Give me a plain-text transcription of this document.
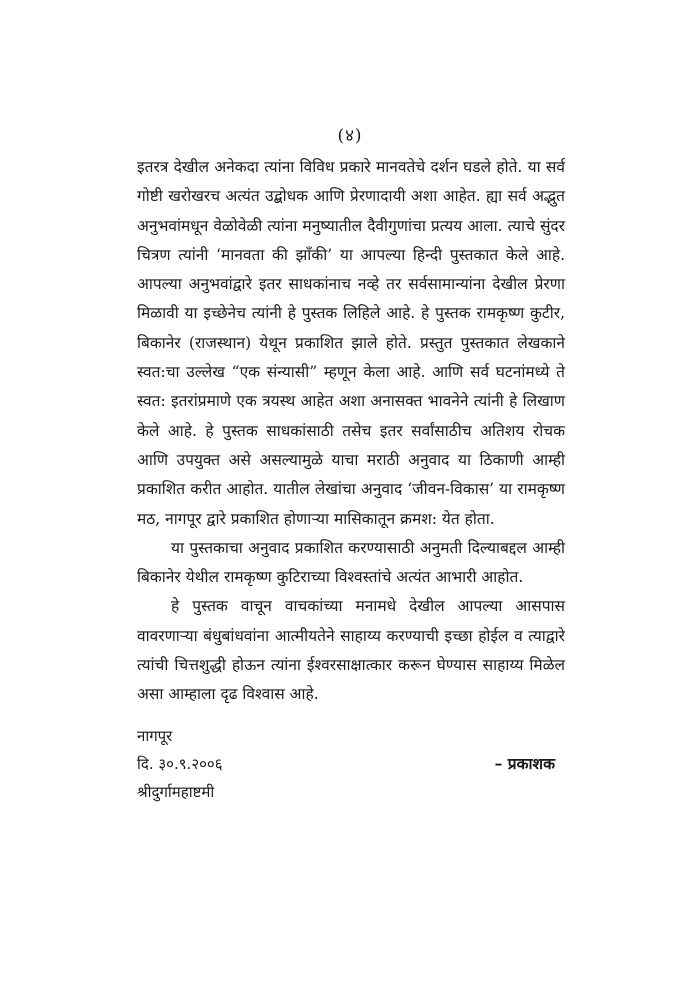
(४)

इतरत्र देखील अनेकदा त्यांना विविध प्रकारे मानवतेचे दर्शन घडले होते. या सर्व गोष्टी खरोखरच अत्यंत उद्बोधक आणि प्रेरणादायी अशा आहेत. ह्या सर्व अद्भुत अनुभवांमधून वेळोवेळी त्यांना मनुष्यातील दैवीगुणांचा प्रत्यय आला. त्याचे सुंदर चित्रण त्यांनी ‘मानवता की झाँकी’ या आपल्या हिन्दी पुस्तकात केले आहे. आपल्या अनुभवांद्वारे इतर साधकांनाच नव्हे तर सर्वसामान्यांना देखील प्रेरणा मिळावी या इच्छेनेच त्यांनी हे पुस्तक लिहिले आहे. हे पुस्तक रामकृष्ण कुटीर, बिकानेर (राजस्थान) येथून प्रकाशित झाले होते. प्रस्तुत पुस्तकात लेखकाने स्वत:चा उल्लेख “एक संन्यासी” म्हणून केला आहे. आणि सर्व घटनांमध्ये ते स्वत: इतरांप्रमाणे एक त्रयस्थ आहेत अशा अनासक्त भावनेने त्यांनी हे लिखाण केले आहे. हे पुस्तक साधकांसाठी तसेच इतर सर्वांसाठीच अतिशय रोचक आणि उपयुक्त असे असल्यामुळे याचा मराठी अनुवाद या ठिकाणी आम्ही प्रकाशित करीत आहोत. यातील लेखांचा अनुवाद ‘जीवन-विकास’ या रामकृष्ण मठ, नागपूर द्वारे प्रकाशित होणाऱ्या मासिकातून क्रमश: येत होता.

या पुस्तकाचा अनुवाद प्रकाशित करण्यासाठी अनुमती दिल्याबद्दल आम्ही बिकानेर येथील रामकृष्ण कुटिराच्या विश्वस्तांचे अत्यंत आभारी आहोत.

हे पुस्तक वाचून वाचकांच्या मनामधे देखील आपल्या आसपास वावरणाऱ्या बंधुबांधवांना आत्मीयतेने साहाय्य करण्याची इच्छा होईल व त्याद्वारे त्यांची चित्तशुद्धी होऊन त्यांना ईश्वरसाक्षात्कार करून घेण्यास साहाय्य मिळेल असा आम्हाला दृढ विश्वास आहे.

नागपूर
दि. ३०.९.२००६	– प्रकाशक
श्रीदुर्गामहाष्टमी
